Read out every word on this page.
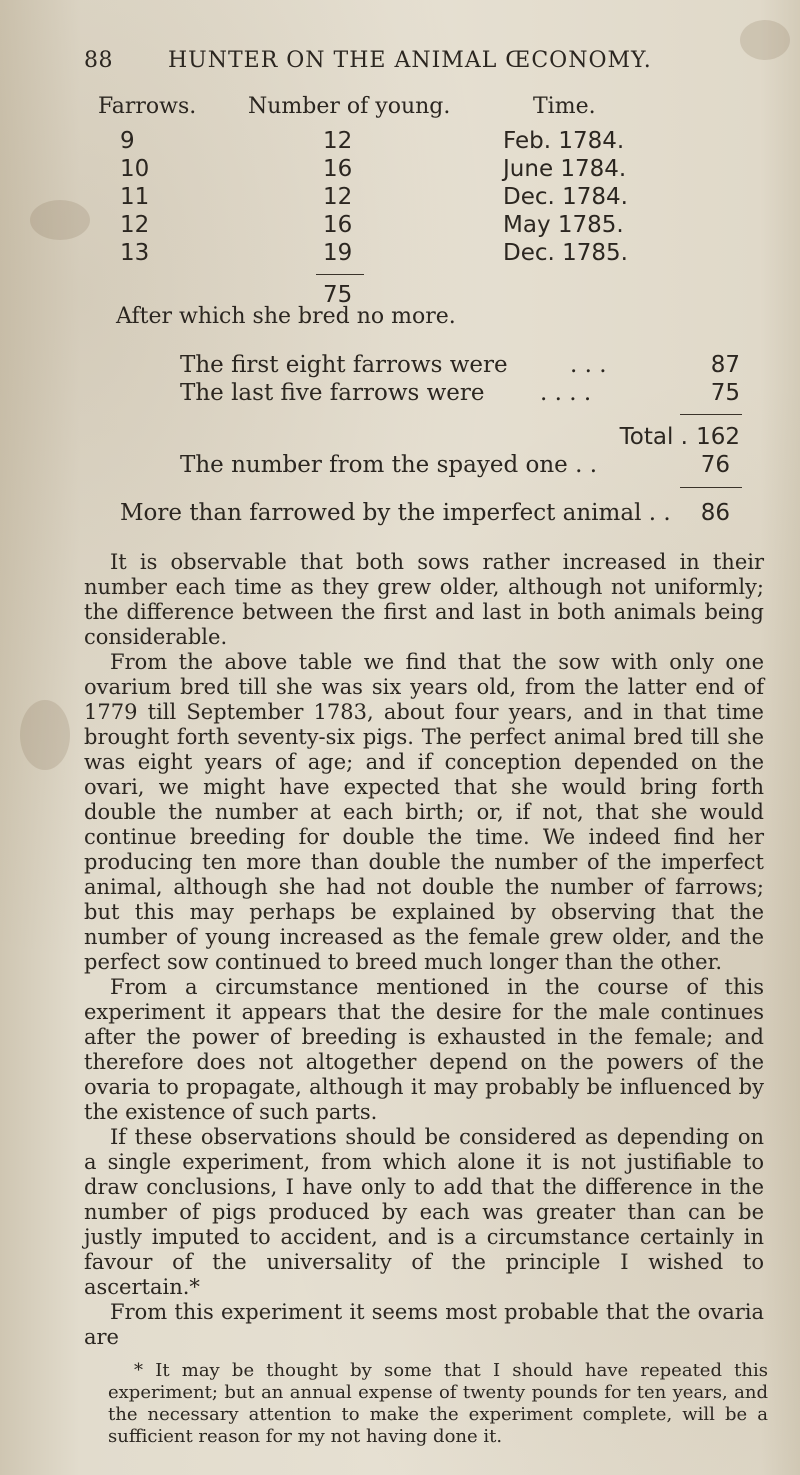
88	HUNTER ON THE ANIMAL ŒCONOMY.
Farrows. Number of young.	Time.
9	12	Feb. 1784.
10	16	June 1784.
11	12	Dec. 1784.
12	16	May 1785.
13	19	Dec. 1785.
75
After which she bred no more.
The first eight farrows were	. . .	87
The last five farrows were . . . .	75
Total . 162
The number from the spayed one . .	76
More than farrowed by the imperfect animal . . 86

It is observable that both sows rather increased in their number each time as they grew older, although not uniformly; the difference between the first and last in both animals being considerable.

From the above table we find that the sow with only one ovarium bred till she was six years old, from the latter end of 1779 till September 1783, about four years, and in that time brought forth seventy-six pigs. The perfect animal bred till she was eight years of age; and if conception depended on the ovari, we might have expected that she would bring forth double the number at each birth; or, if not, that she would continue breeding for double the time. We indeed find her producing ten more than double the number of the imperfect animal, although she had not double the number of farrows; but this may perhaps be explained by observing that the number of young increased as the female grew older, and the perfect sow continued to breed much longer than the other.

From a circumstance mentioned in the course of this experiment it appears that the desire for the male continues after the power of breeding is exhausted in the female; and therefore does not altogether depend on the powers of the ovaria to propagate, although it may probably be influenced by the existence of such parts.

If these observations should be considered as depending on a single experiment, from which alone it is not justifiable to draw conclusions, I have only to add that the difference in the number of pigs produced by each was greater than can be justly imputed to accident, and is a circumstance certainly in favour of the universality of the principle I wished to ascertain.*

From this experiment it seems most probable that the ovaria are

* It may be thought by some that I should have repeated this experiment; but an annual expense of twenty pounds for ten years, and the necessary attention to make the experiment complete, will be a sufficient reason for my not having done it.
